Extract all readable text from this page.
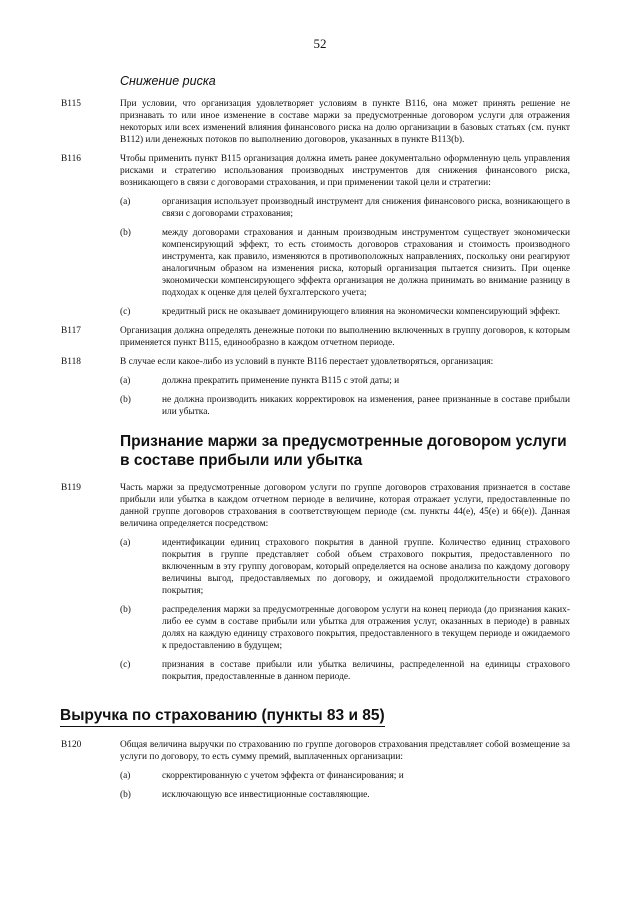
52
Снижение риска
B115	При условии, что организация удовлетворяет условиям в пункте B116, она может принять решение не признавать то или иное изменение в составе маржи за предусмотренные договором услуги для отражения некоторых или всех изменений влияния финансового риска на долю организации в базовых статьях (см. пункт B112) или денежных потоков по выполнению договоров, указанных в пункте B113(b).
B116	Чтобы применить пункт B115 организация должна иметь ранее документально оформленную цель управления рисками и стратегию использования производных инструментов для снижения финансового риска, возникающего в связи с договорами страхования, и при применении такой цели и стратегии:
(a)	организация использует производный инструмент для снижения финансового риска, возникающего в связи с договорами страхования;
(b)	между договорами страхования и данным производным инструментом существует экономически компенсирующий эффект, то есть стоимость договоров страхования и стоимость производного инструмента, как правило, изменяются в противоположных направлениях, поскольку они реагируют аналогичным образом на изменения риска, который организация пытается снизить. При оценке экономически компенсирующего эффекта организация не должна принимать во внимание разницу в подходах к оценке для целей бухгалтерского учета;
(c)	кредитный риск не оказывает доминирующего влияния на экономически компенсирующий эффект.
B117	Организация должна определять денежные потоки по выполнению включенных в группу договоров, к которым применяется пункт B115, единообразно в каждом отчетном периоде.
B118	В случае если какое-либо из условий в пункте B116 перестает удовлетворяться, организация:
(a)	должна прекратить применение пункта B115 с этой даты; и
(b)	не должна производить никаких корректировок на изменения, ранее признанные в составе прибыли или убытка.
Признание маржи за предусмотренные договором услуги в составе прибыли или убытка
B119	Часть маржи за предусмотренные договором услуги по группе договоров страхования признается в составе прибыли или убытка в каждом отчетном периоде в величине, которая отражает услуги, предоставленные по данной группе договоров страхования в соответствующем периоде (см. пункты 44(e), 45(e) и 66(e)). Данная величина определяется посредством:
(a)	идентификации единиц страхового покрытия в данной группе. Количество единиц страхового покрытия в группе представляет собой объем страхового покрытия, предоставленного по включенным в эту группу договорам, который определяется на основе анализа по каждому договору величины выгод, предоставляемых по договору, и ожидаемой продолжительности страхового покрытия;
(b)	распределения маржи за предусмотренные договором услуги на конец периода (до признания каких-либо ее сумм в составе прибыли или убытка для отражения услуг, оказанных в периоде) в равных долях на каждую единицу страхового покрытия, предоставленного в текущем периоде и ожидаемого к предоставлению в будущем;
(c)	признания в составе прибыли или убытка величины, распределенной на единицы страхового покрытия, предоставленные в данном периоде.
Выручка по страхованию (пункты 83 и 85)
B120	Общая величина выручки по страхованию по группе договоров страхования представляет собой возмещение за услуги по договору, то есть сумму премий, выплаченных организации:
(a)	скорректированную с учетом эффекта от финансирования; и
(b)	исключающую все инвестиционные составляющие.
